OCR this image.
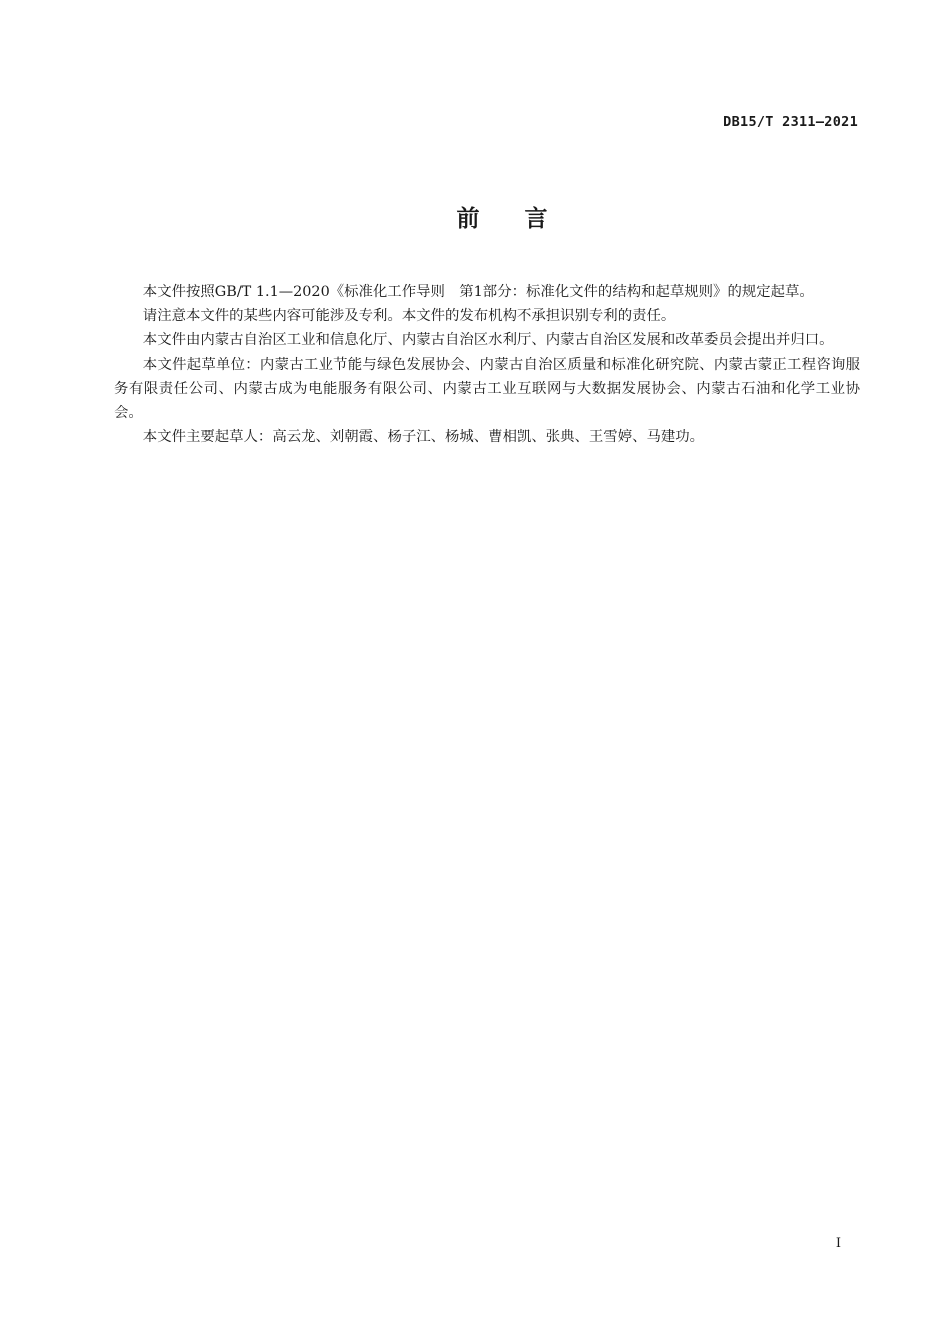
DB15/T 2311—2021
前 言

本文件按照GB/T 1.1—2020《标准化工作导则　第1部分：标准化文件的结构和起草规则》的规定起草。

请注意本文件的某些内容可能涉及专利。本文件的发布机构不承担识别专利的责任。

本文件由内蒙古自治区工业和信息化厅、内蒙古自治区水利厅、内蒙古自治区发展和改革委员会提出并归口。

本文件起草单位：内蒙古工业节能与绿色发展协会、内蒙古自治区质量和标准化研究院、内蒙古蒙正工程咨询服务有限责任公司、内蒙古成为电能服务有限公司、内蒙古工业互联网与大数据发展协会、内蒙古石油和化学工业协会。

本文件主要起草人：高云龙、刘朝霞、杨子江、杨城、曹相凯、张典、王雪婷、马建功。

I
